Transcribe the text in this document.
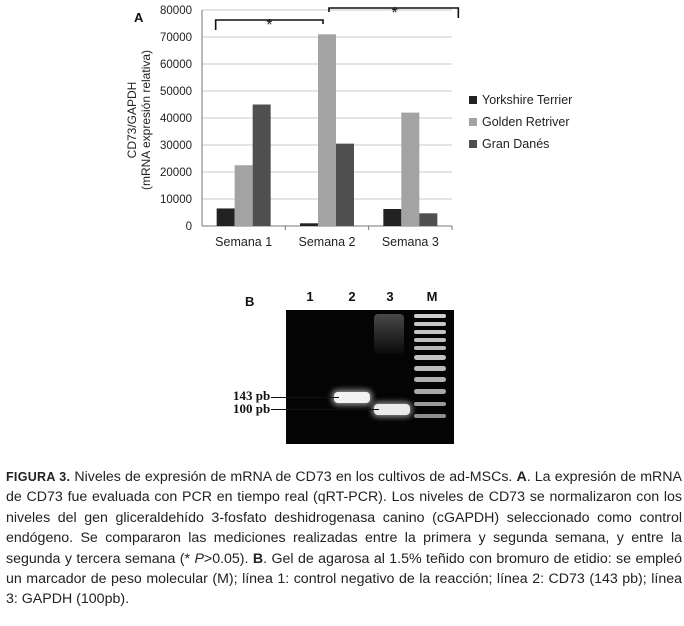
A
0
10000
20000
30000
40000
50000
60000
70000
80000
Semana 1 Semana 2 Semana 3
CD73/GAPDH (mRNA expresión relativa)
*
*
Yorkshire Terrier
Golden Retriver
Gran Danés
B	1	2	3	M
143 pb
100 pb
FIGURA 3. Niveles de expresión de mRNA de CD73 en los cultivos de ad-MSCs. A. La expresión de mRNA de CD73 fue evaluada con PCR en tiempo real (qRT-PCR). Los niveles de CD73 se normalizaron con los niveles del gen gliceraldehído 3-fosfato deshidrogenasa canino (cGAPDH) seleccionado como control endógeno. Se compararon las mediciones realizadas entre la primera y segunda semana, y entre la segunda y tercera semana (* P>0.05). B. Gel de agarosa al 1.5% teñido con bromuro de etidio: se empleó un marcador de peso molecular (M); línea 1: control negativo de la reacción; línea 2: CD73 (143 pb); línea 3: GAPDH (100pb).
